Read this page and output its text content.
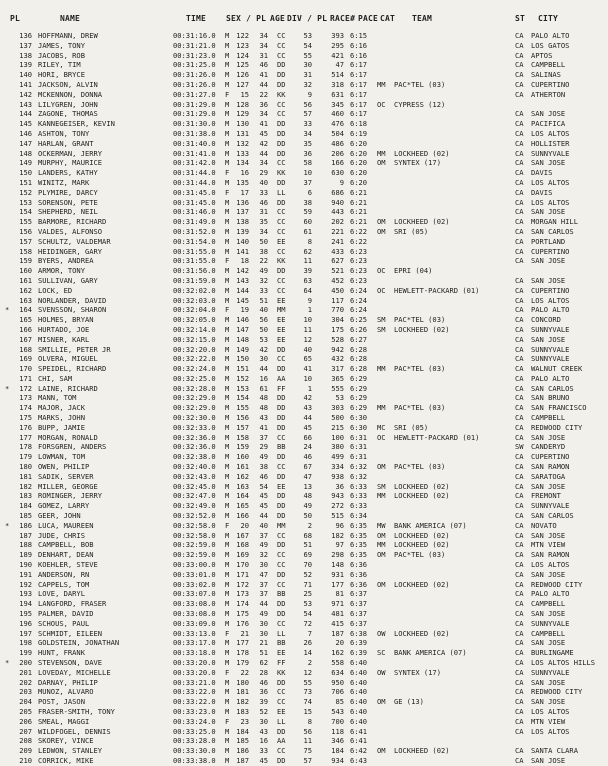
PL	NAME	TIME SEX / PL AGE DIV / PL RACE# PACE CAT TEAM	ST CITY
136 HOFFMANN, DREW	00:31:16.0 M 122	34 CC	53	393 6:15	CA PALO ALTO
137 JAMES, TONY	00:31:21.0 M 123	34 CC	54	295 6:16	CA LOS GATOS
138 JACOBS, ROB	00:31:23.0 M 124	31 CC	55	421 6:16	CA APTOS
139 RILEY, TIM	00:31:25.0 M 125	46 DD	30	47 6:17	CA CAMPBELL
140 HORI, BRYCE	00:31:26.0 M 126	41 DD	31	514 6:17	CA SALINAS
141 JACKSON, ALVIN	00:31:26.0 M 127	44 DD	32	318 6:17 MM PAC*TEL (03)	CA CUPERTINO
142 MCKENNON, DONNA	00:31:27.0 F	15	22 KK	9	631 6:17	CA ATHERTON
143 LILYGREN, JOHN	00:31:29.0 M 128	36 CC	56	345 6:17 OC CYPRESS (12)
144 ZAGONE, THOMAS	00:31:29.0 M 129	34 CC	57	460 6:17	CA SAN JOSE
145 KANNEGEISER, KEVIN	00:31:30.0 M 130	41 DD	33	476 6:18	CA PACIFICA
146 ASHTON, TONY	00:31:38.0 M 131	45 DD	34	504 6:19	CA LOS ALTOS
147 HARLAN, GRANT	00:31:40.0 M 132	42 DD	35	486 6:20	CA HOLLISTER
148 OCKERMAN, JERRY	00:31:41.0 M 133	44 DD	36	206 6:20 MM LOCKHEED (02)	CA SUNNYVALE
149 MURPHY, MAURICE	00:31:42.0 M 134	34 CC	58	166 6:20 OM SYNTEX (17)	CA SAN JOSE
150 LANDERS, KATHY	00:31:44.0 F	16	29 KK	10	630 6:20	CA DAVIS
151 WINITZ, MARK	00:31:44.0 M 135	40 DD	37	9 6:20	CA LOS ALTOS
152 PLYMIRE, DARCY	00:31:45.0 F	17	33 LL	6	686 6:21	CA DAVIS
153 SORENSON, PETE	00:31:45.0 M 136	46 DD	38	940 6:21	CA LOS ALTOS
154 SHEPHERD, NEIL	00:31:46.0 M 137	31 CC	59	443 6:21	CA SAN JOSE
155 BARMORE, RICHARD	00:31:49.0 M 138	35 CC	60	202 6:21 OM LOCKHEED (02)	CA MORGAN HILL
156 VALDES, ALFONSO	00:31:52.0 M 139	34 CC	61	221 6:22 OM SRI (05)	CA SAN CARLOS
157 SCHULTZ, VALDEMAR	00:31:54.0 M 140	50 EE	8	241 6:22	CA PORTLAND
158 HEIDINGER, GARY	00:31:55.0 M 141	38 CC	62	433 6:23	CA CUPERTINO
159 BYERS, ANDREA	00:31:55.0 F	18	22 KK	11	627 6:23	CA SAN JOSE
160 ARMOR, TONY	00:31:56.0 M 142	49 DD	39	521 6:23 OC EPRI (04)
161 SULLIVAN, GARY	00:31:59.0 M 143	32 CC	63	452 6:23	CA SAN JOSE
162 LOCK, ED	00:32:02.0 M 144	33 CC	64	450 6:24 OC HEWLETT-PACKARD (01)	CA CUPERTINO
163 NORLANDER, DAVID	00:32:03.0 M 145	51 EE	9	117 6:24	CA LOS ALTOS
*	164 SVENSSON, SHARON	00:32:04.0 F	19	40 MM	1	770 6:24	CA PALO ALTO
165 HOLMES, BRYAN	00:32:05.0 M 146	56 EE	10	304 6:25 SM PAC*TEL (03)	CA CONCORD
166 HURTADO, JOE	00:32:14.0 M 147	50 EE	11	175 6:26 SM LOCKHEED (02)	CA SUNNYVALE
167 MISNER, KARL	00:32:15.0 M 148	53 EE	12	528 6:27	CA SAN JOSE
168 SMILLIE, PETER JR	00:32:20.0 M 149	42 DD	40	942 6:28	CA SUNNYVALE
169 OLVERA, MIGUEL	00:32:22.0 M 150	30 CC	65	432 6:28	CA SUNNYVALE
170 SPEIDEL, RICHARD	00:32:24.0 M 151	44 DD	41	317 6:28 MM PAC*TEL (03)	CA WALNUT CREEK
171 CHI, SAM	00:32:25.0 M 152	16 AA	10	365 6:29	CA PALO ALTO
*	172 LAINE, RICHARD	00:32:28.0 M 153	61 FF	1	555 6:29	CA SAN CARLOS
173 MANN, TOM	00:32:29.0 M 154	48 DD	42	53 6:29	CA SAN BRUNO
174 MAJOR, JACK	00:32:29.0 M 155	48 DD	43	303 6:29 MM PAC*TEL (03)	CA SAN FRANCISCO
175 MARKS, JOHN	00:32:30.0 M 156	43 DD	44	500 6:30	CA CAMPBELL
176 BUPP, JAMIE	00:32:33.0 M 157	41 DD	45	215 6:30 MC SRI (05)	CA REDWOOD CITY
177 MORGAN, RONALD	00:32:36.0 M 158	37 CC	66	100 6:31 OC HEWLETT-PACKARD (01)	CA SAN JOSE
178 FORSGREN, ANDERS	00:32:36.0 M 159	29 BB	24	380 6:31	SW CANDERYD
179 LOWMAN, TOM	00:32:38.0 M 160	49 DD	46	499 6:31	CA CUPERTINO
180 OWEN, PHILIP	00:32:40.0 M 161	38 CC	67	334 6:32 OM PAC*TEL (03)	CA SAN RAMON
181 SADIK, SERVER	00:32:43.0 M 162	46 DD	47	938 6:32	CA SARATOGA
182 MILLER, GEORGE	00:32:45.0 M 163	54 EE	13	36 6:33 SM LOCKHEED (02)	CA SAN JOSE
183 ROMINGER, JERRY	00:32:47.0 M 164	45 DD	48	943 6:33 MM LOCKHEED (02)	CA FREMONT
184 GOMEZ, LARRY	00:32:49.0 M 165	45 DD	49	272 6:33	CA SUNNYVALE
185 GEER, JOHN	00:32:52.0 M 166	44 DD	50	515 6:34	CA SAN CARLOS
*	186 LUCA, MAUREEN	00:32:58.0 F	20	40 MM	2	96 6:35 MW BANK AMERICA (07)	CA NOVATO
187 JUDE, CHRIS	00:32:58.0 M 167	37 CC	68	182 6:35 OM LOCKHEED (02)	CA SAN JOSE
188 CAMPBELL, BOB	00:32:59.0 M 168	49 DD	51	97 6:35 MM LOCKHEED (02)	CA MTN VIEW
189 DENHART, DEAN	00:32:59.0 M 169	32 CC	69	298 6:35 OM PAC*TEL (03)	CA SAN RAMON
190 KOEHLER, STEVE	00:33:00.0 M 170	30 CC	70	148 6:36	CA LOS ALTOS
191 ANDERSON, RN	00:33:01.0 M 171	47 DD	52	931 6:36	CA SAN JOSE
192 CAPPELS, TOM	00:33:02.0 M 172	37 CC	71	177 6:36 OM LOCKHEED (02)	CA REDWOOD CITY
193 LOVE, DARYL	00:33:07.0 M 173	37 BB	25	81 6:37	CA PALO ALTO
194 LANGFORD, FRASER	00:33:08.0 M 174	44 DD	53	971 6:37	CA CAMPBELL
195 PALMER, DAVID	00:33:08.0 M 175	49 DD	54	481 6:37	CA SAN JOSE
196 SCHOUS, PAUL	00:33:09.0 M 176	30 CC	72	415 6:37	CA SUNNYVALE
197 SCHMIDT, EILEEN	00:33:13.0 F	21	30 LL	7	187 6:38 OW LOCKHEED (02)	CA CAMPBELL
198 GOLDSTEIN, JONATHAN	00:33:17.0 M 177	21 BB	26	20 6:39	CA SAN JOSE
199 HUNT, FRANK	00:33:18.0 M 178	51 EE	14	162 6:39 SC BANK AMERICA (07)	CA BURLINGAME
*	200 STEVENSON, DAVE	00:33:20.0 M 179	62 FF	2	558 6:40	CA LOS ALTOS HILLS
201 LOVEDAY, MICHELLE	00:33:20.0 F	22	28 KK	12	634 6:40 OW SYNTEX (17)	CA SUNNYVALE
202 DARNAY, PHILIP	00:33:21.0 M 180	46 DD	55	950 6:40	CA SAN JOSE
203 MUNOZ, ALVARO	00:33:22.0 M 181	36 CC	73	706 6:40	CA REDWOOD CITY
204 POST, JASON	00:33:22.0 M 182	39 CC	74	85 6:40 OM GE (13)	CA SAN JOSE
205 FRASER-SMITH, TONY	00:33:23.0 M 183	52 EE	15	543 6:40	CA LOS ALTOS
206 SMEAL, MAGGI	00:33:24.0 F	23	30 LL	8	700 6:40	CA MTN VIEW
207 WILDFOGEL, DENNIS	00:33:25.0 M 184	43 DD	56	118 6:41	CA LOS ALTOS
208 SKOREY, VINCE	00:33:28.0 M 185	16 AA	11	346 6:41
209 LEDWON, STANLEY	00:33:30.0 M 186	33 CC	75	184 6:42 OM LOCKHEED (02)	CA SANTA CLARA
210 CORRICK, MIKE	00:33:38.0 M 187	45 DD	57	934 6:43	CA SAN JOSE
